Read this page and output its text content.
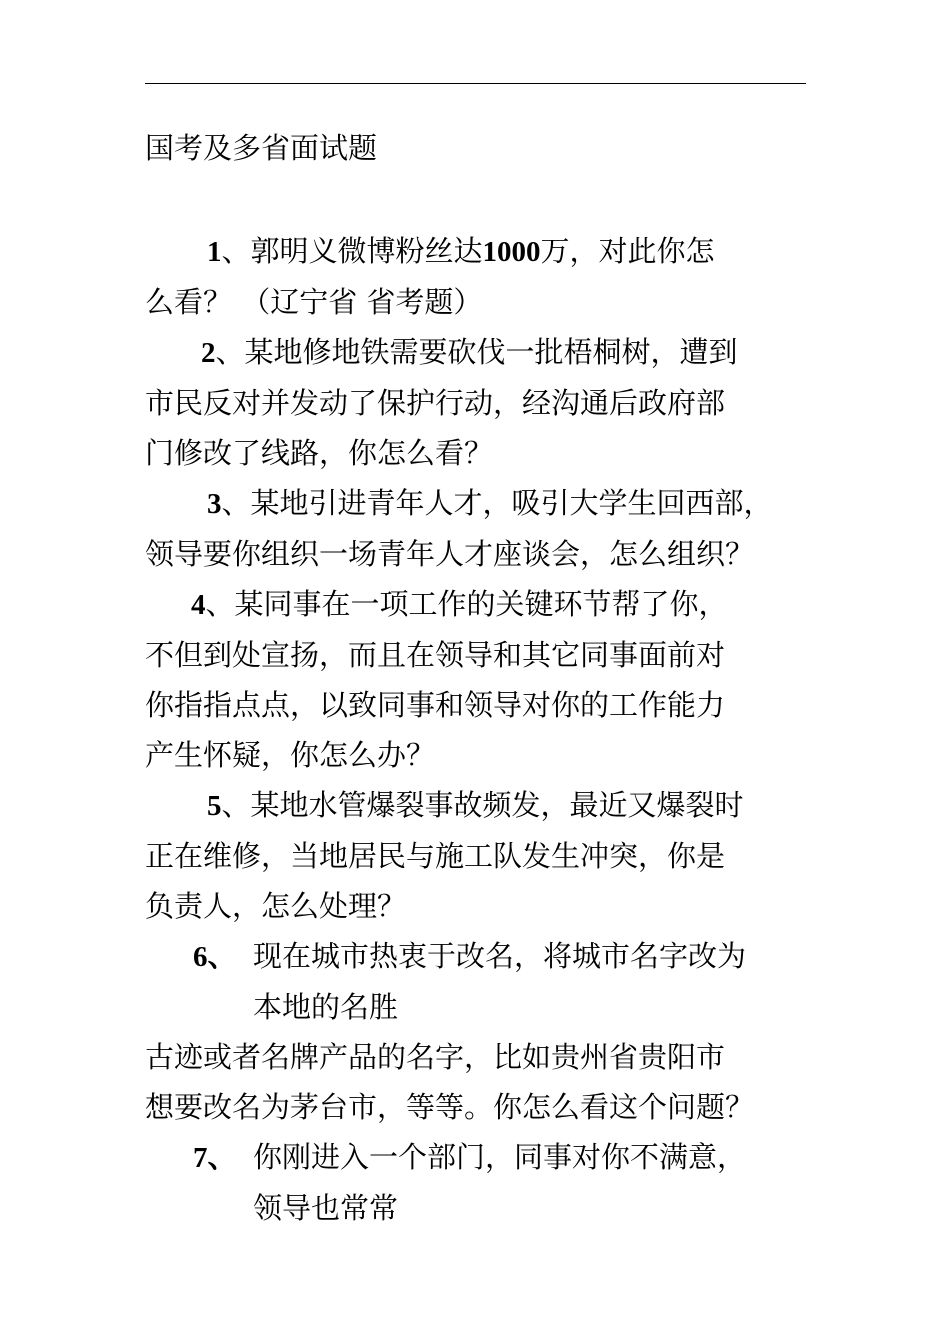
国考及多省面试题
1、郭明义微博粉丝达1000万，对此你怎
么看？ （辽宁省 省考题）
2、某地修地铁需要砍伐一批梧桐树，遭到
市民反对并发动了保护行动，经沟通后政府部
门修改了线路，你怎么看？
3、某地引进青年人才，吸引大学生回西部，
领导要你组织一场青年人才座谈会，怎么组织？
4、某同事在一项工作的关键环节帮了你，
不但到处宣扬，而且在领导和其它同事面前对
你指指点点，以致同事和领导对你的工作能力
产生怀疑，你怎么办？
5、某地水管爆裂事故频发，最近又爆裂时
正在维修，当地居民与施工队发生冲突，你是
负责人，怎么处理？
6、 现在城市热衷于改名，将城市名字改为
本地的名胜
古迹或者名牌产品的名字，比如贵州省贵阳市
想要改名为茅台市，等等。你怎么看这个问题？
7、 你刚进入一个部门，同事对你不满意，
领导也常常
